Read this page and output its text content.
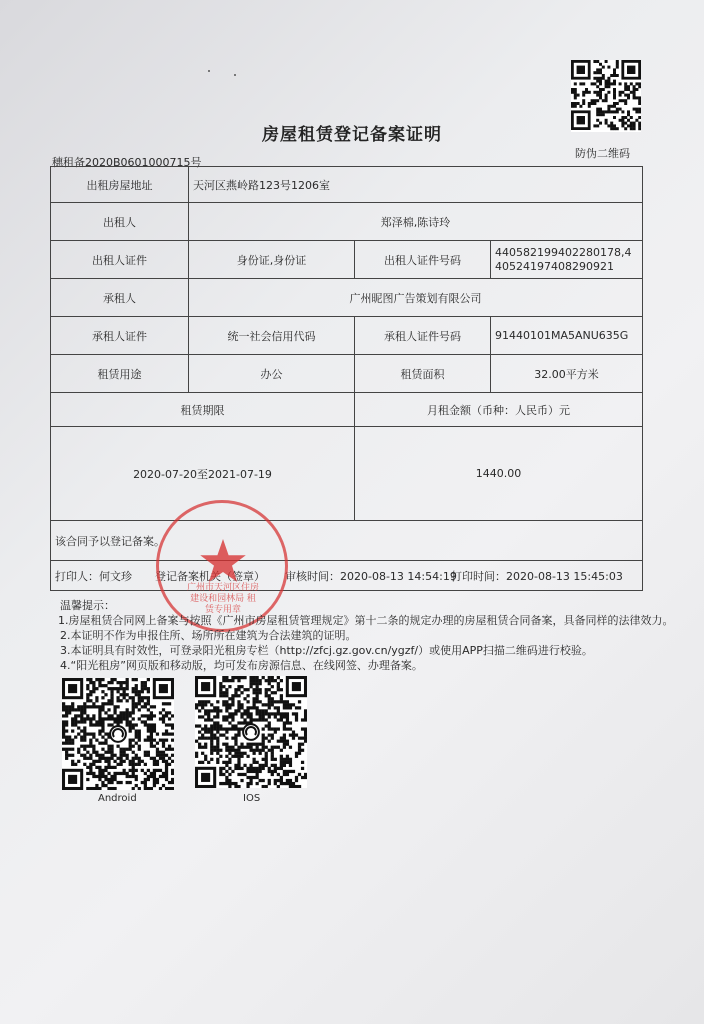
房屋租赁登记备案证明
穗租备2020B0601000715号
防伪二维码
出租房屋地址	天河区燕岭路123号1206室		
出租人	郑泽棉,陈诗玲		
出租人证件	身份证,身份证	出租人证件号码	440582199402280178,440524197408290921
承租人	广州昵图广告策划有限公司		
承租人证件	统一社会信用代码	承租人证件号码	91440101MA5ANU635G
租赁用途	办公	租赁面积	32.00平方米
租赁期限		月租金额（币种：人民币）元	
2020-07-20至2021-07-19		1440.00	
该合同予以登记备案。			
打印人：何文珍 登记备案机关（签章） 审核时间：2020-08-13 14:54:19打印时间：2020-08-13 15:45:03			
广州市天河区住房建设和园林局 租赁专用章
温馨提示：
1.房屋租赁合同网上备案与按照《广州市房屋租赁管理规定》第十二条的规定办理的房屋租赁合同备案，具备同样的法律效力。
2.本证明不作为申报住所、场所所在建筑为合法建筑的证明。
3.本证明具有时效性，可登录阳光租房专栏（http://zfcj.gz.gov.cn/ygzf/）或使用APP扫描二维码进行校验。
4.“阳光租房”网页版和移动版，均可发布房源信息、在线网签、办理备案。
Android	IOS
